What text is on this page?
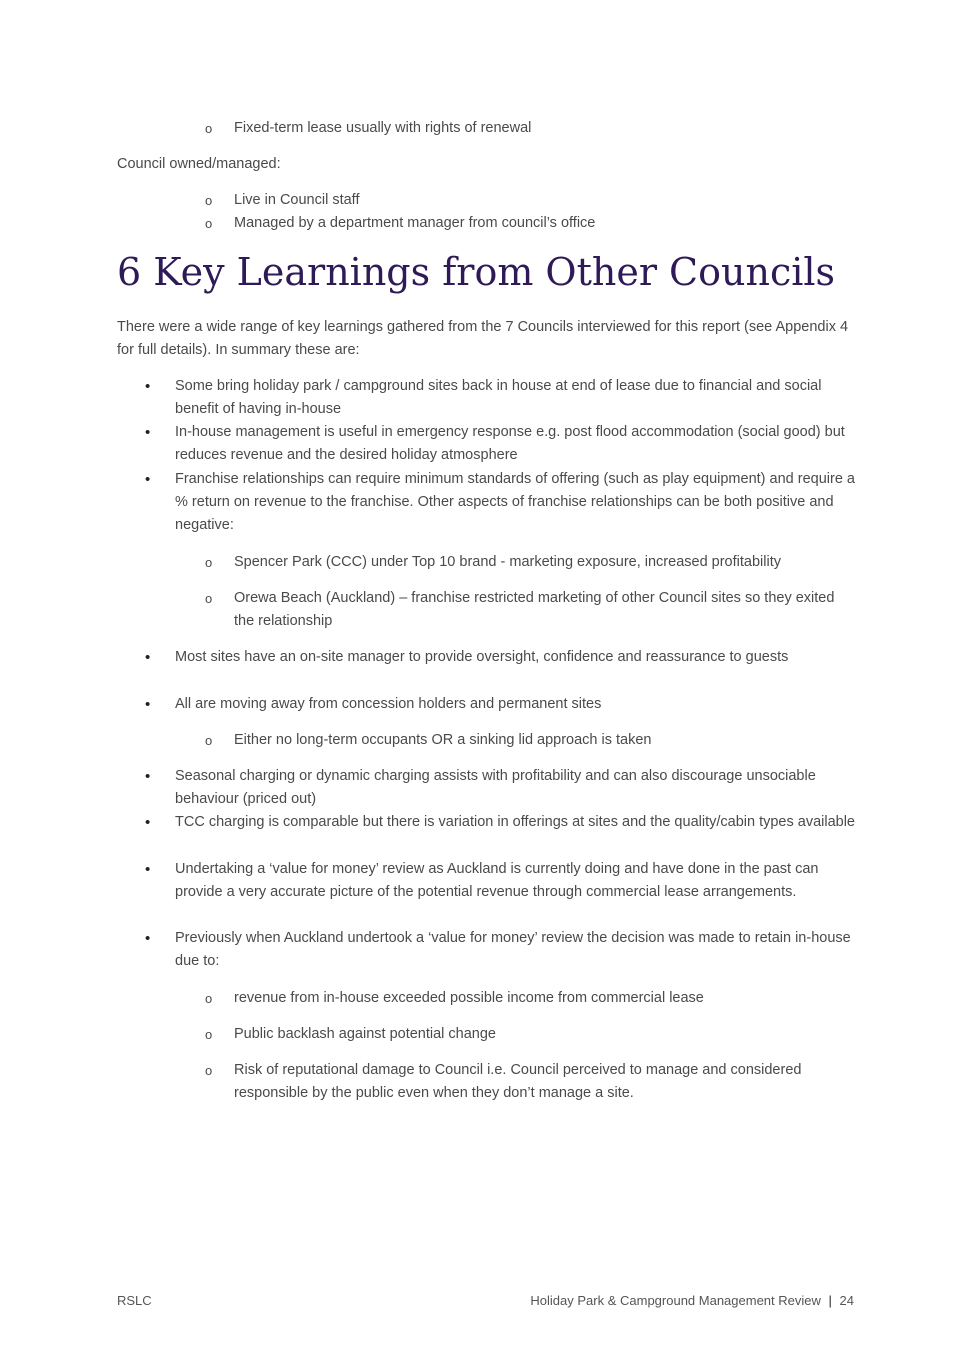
o Fixed-term lease usually with rights of renewal
Council owned/managed:
o Live in Council staff
o Managed by a department manager from council’s office
6 Key Learnings from Other Councils
There were a wide range of key learnings gathered from the 7 Councils interviewed for this report (see Appendix 4 for full details). In summary these are:
• Some bring holiday park / campground sites back in house at end of lease due to financial and social benefit of having in-house
• In-house management is useful in emergency response e.g. post flood accommodation (social good) but reduces revenue and the desired holiday atmosphere
• Franchise relationships can require minimum standards of offering (such as play equipment) and require a % return on revenue to the franchise. Other aspects of franchise relationships can be both positive and negative:
o Spencer Park (CCC) under Top 10 brand - marketing exposure, increased profitability
o Orewa Beach (Auckland) – franchise restricted marketing of other Council sites so they exited the relationship
• Most sites have an on-site manager to provide oversight, confidence and reassurance to guests
• All are moving away from concession holders and permanent sites
o Either no long-term occupants OR a sinking lid approach is taken
• Seasonal charging or dynamic charging assists with profitability and can also discourage unsociable behaviour (priced out)
• TCC charging is comparable but there is variation in offerings at sites and the quality/cabin types available
• Undertaking a ‘value for money’ review as Auckland is currently doing and have done in the past can provide a very accurate picture of the potential revenue through commercial lease arrangements.
• Previously when Auckland undertook a ‘value for money’ review the decision was made to retain in-house due to:
o revenue from in-house exceeded possible income from commercial lease
o Public backlash against potential change
o Risk of reputational damage to Council i.e. Council perceived to manage and considered responsible by the public even when they don’t manage a site.
RSLC	Holiday Park & Campground Management Review | 24
